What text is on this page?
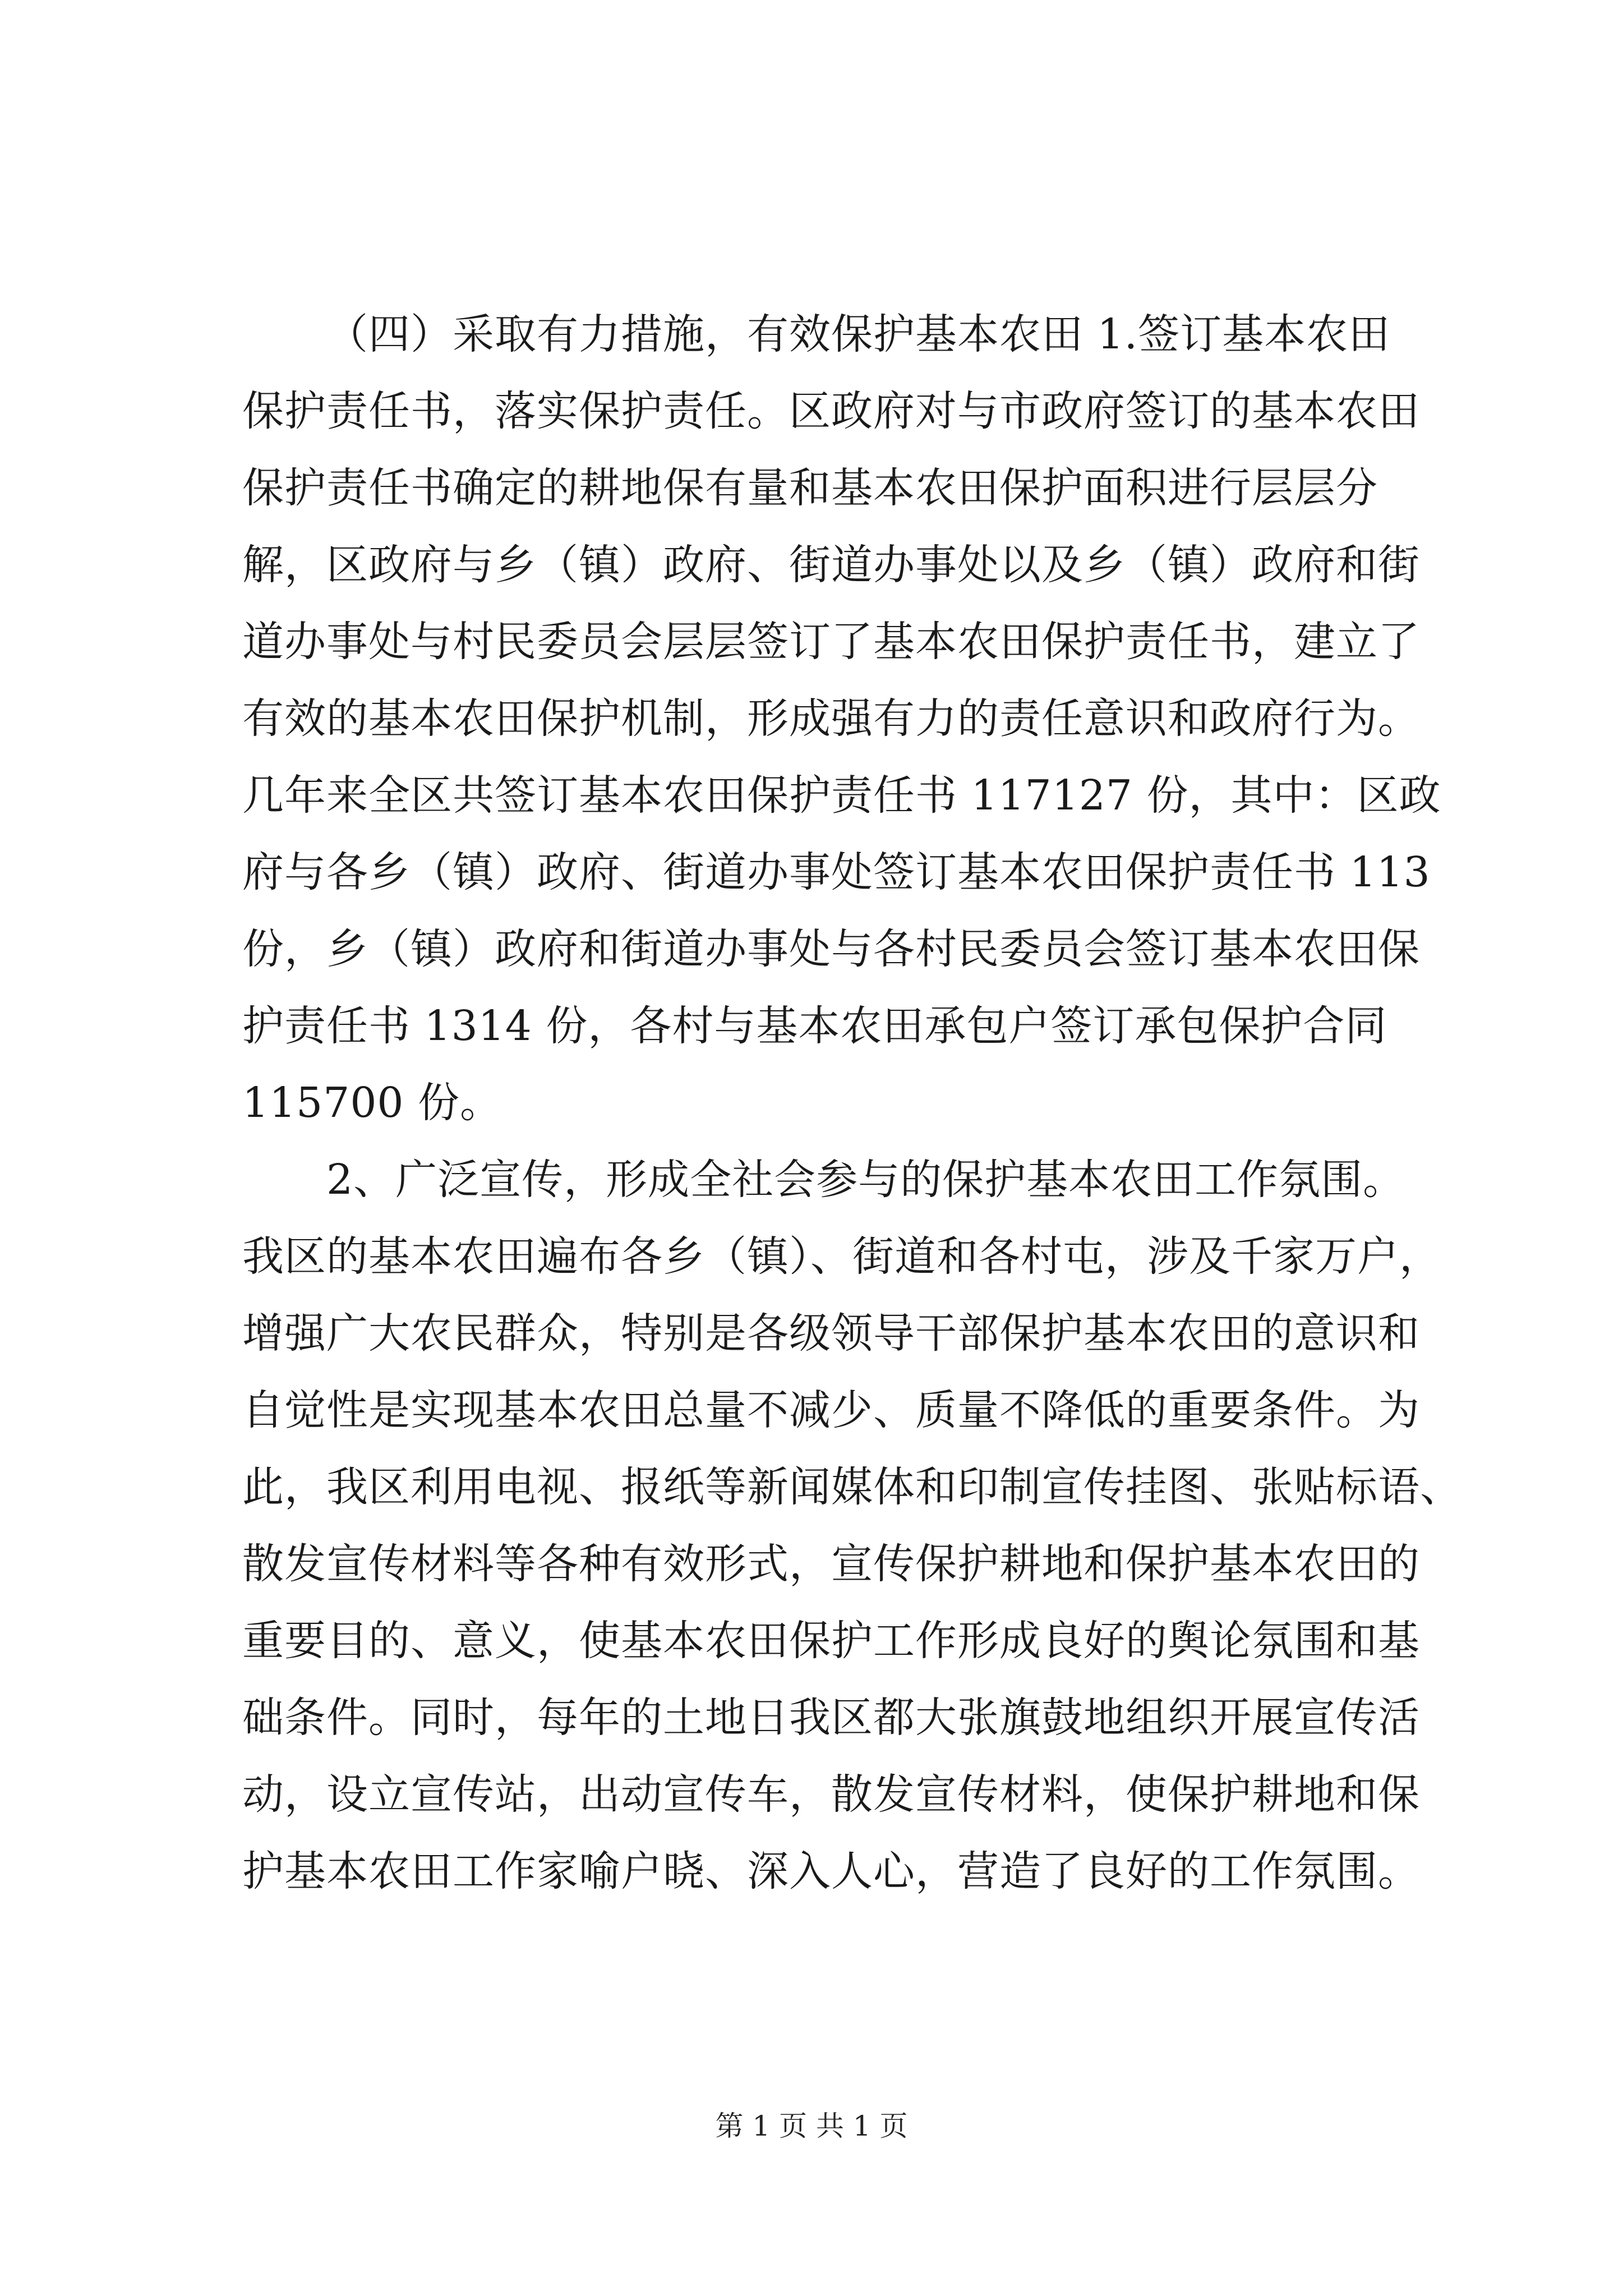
（四）采取有力措施，有效保护基本农田 1.签订基本农田
保护责任书，落实保护责任。区政府对与市政府签订的基本农田
保护责任书确定的耕地保有量和基本农田保护面积进行层层分
解，区政府与乡（镇）政府、街道办事处以及乡（镇）政府和街
道办事处与村民委员会层层签订了基本农田保护责任书，建立了
有效的基本农田保护机制，形成强有力的责任意识和政府行为。
几年来全区共签订基本农田保护责任书 117127 份，其中：区政
府与各乡（镇）政府、街道办事处签订基本农田保护责任书 113
份，乡（镇）政府和街道办事处与各村民委员会签订基本农田保
护责任书 1314 份，各村与基本农田承包户签订承包保护合同
115700 份。
2、广泛宣传，形成全社会参与的保护基本农田工作氛围。
我区的基本农田遍布各乡（镇）、街道和各村屯，涉及千家万户，
增强广大农民群众，特别是各级领导干部保护基本农田的意识和
自觉性是实现基本农田总量不减少、质量不降低的重要条件。为
此，我区利用电视、报纸等新闻媒体和印制宣传挂图、张贴标语、
散发宣传材料等各种有效形式，宣传保护耕地和保护基本农田的
重要目的、意义，使基本农田保护工作形成良好的舆论氛围和基
础条件。同时，每年的土地日我区都大张旗鼓地组织开展宣传活
动，设立宣传站，出动宣传车，散发宣传材料，使保护耕地和保
护基本农田工作家喻户晓、深入人心，营造了良好的工作氛围。
第 1 页 共 1 页
